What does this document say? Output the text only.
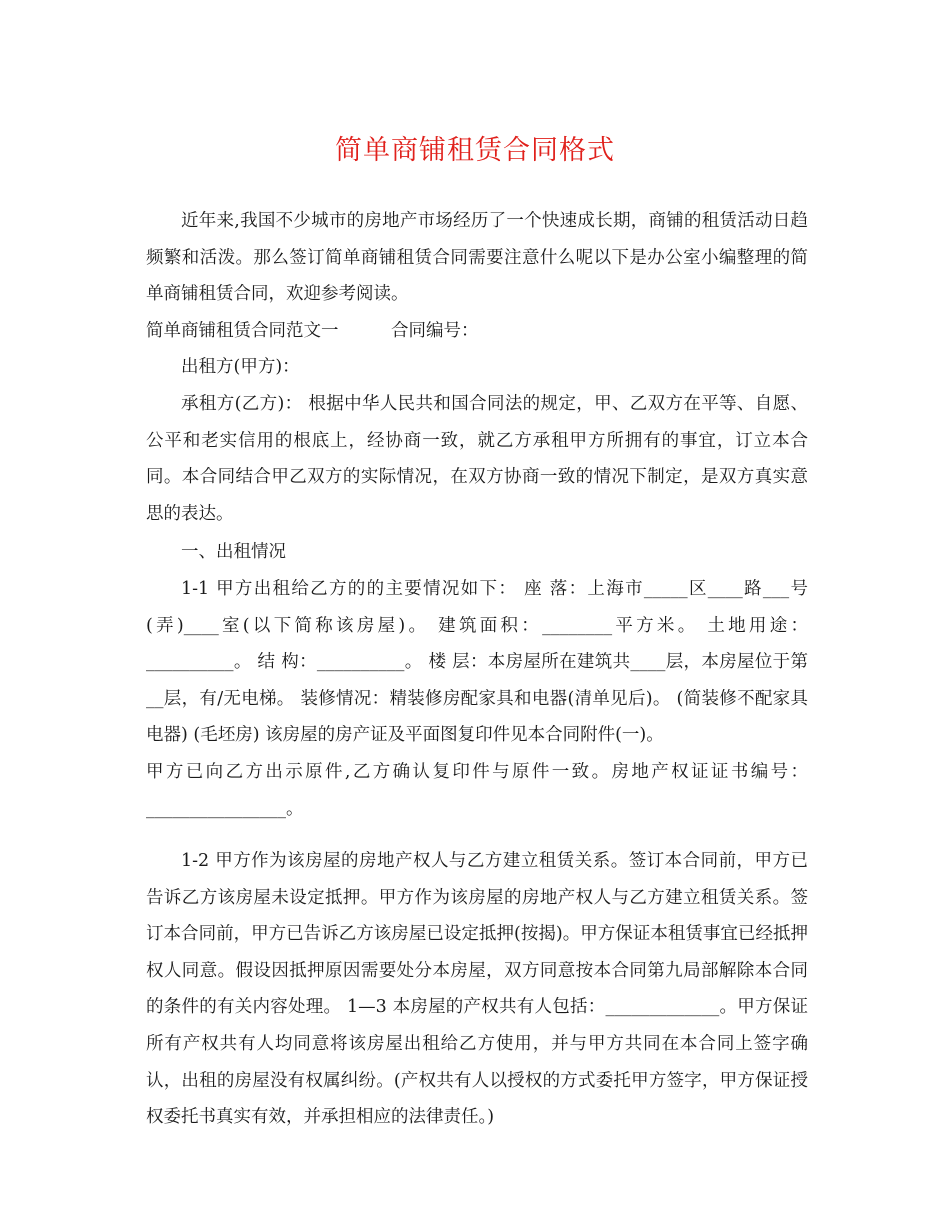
简单商铺租赁合同格式

近年来,我国不少城市的房地产市场经历了一个快速成长期，商铺的租赁活动日趋频繁和活泼。那么签订简单商铺租赁合同需要注意什么呢以下是办公室小编整理的简单商铺租赁合同，欢迎参考阅读。

简单商铺租赁合同范文一　　　合同编号：

出租方(甲方)：

承租方(乙方)： 根据中华人民共和国合同法的规定，甲、乙双方在平等、自愿、公平和老实信用的根底上，经协商一致，就乙方承租甲方所拥有的事宜，订立本合同。本合同结合甲乙双方的实际情况，在双方协商一致的情况下制定，是双方真实意思的表达。

一、出租情况

1-1 甲方出租给乙方的的主要情况如下： 座 落：上海市_____区____路___号(弄)____室(以下简称该房屋)。 建筑面积：________平方米。 土地用途：__________。 结 构：__________。 楼 层：本房屋所在建筑共____层，本房屋位于第__层，有/无电梯。 装修情况：精装修房配家具和电器(清单见后)。 (简装修不配家具电器) (毛坯房) 该房屋的房产证及平面图复印件见本合同附件(一)。

甲方已向乙方出示原件,乙方确认复印件与原件一致。房地产权证证书编号：________________。

1-2 甲方作为该房屋的房地产权人与乙方建立租赁关系。签订本合同前，甲方已告诉乙方该房屋未设定抵押。甲方作为该房屋的房地产权人与乙方建立租赁关系。签订本合同前，甲方已告诉乙方该房屋已设定抵押(按揭)。甲方保证本租赁事宜已经抵押权人同意。假设因抵押原因需要处分本房屋，双方同意按本合同第九局部解除本合同的条件的有关内容处理。 1—3 本房屋的产权共有人包括：_____________。甲方保证所有产权共有人均同意将该房屋出租给乙方使用，并与甲方共同在本合同上签字确认，出租的房屋没有权属纠纷。(产权共有人以授权的方式委托甲方签字，甲方保证授权委托书真实有效，并承担相应的法律责任。)
